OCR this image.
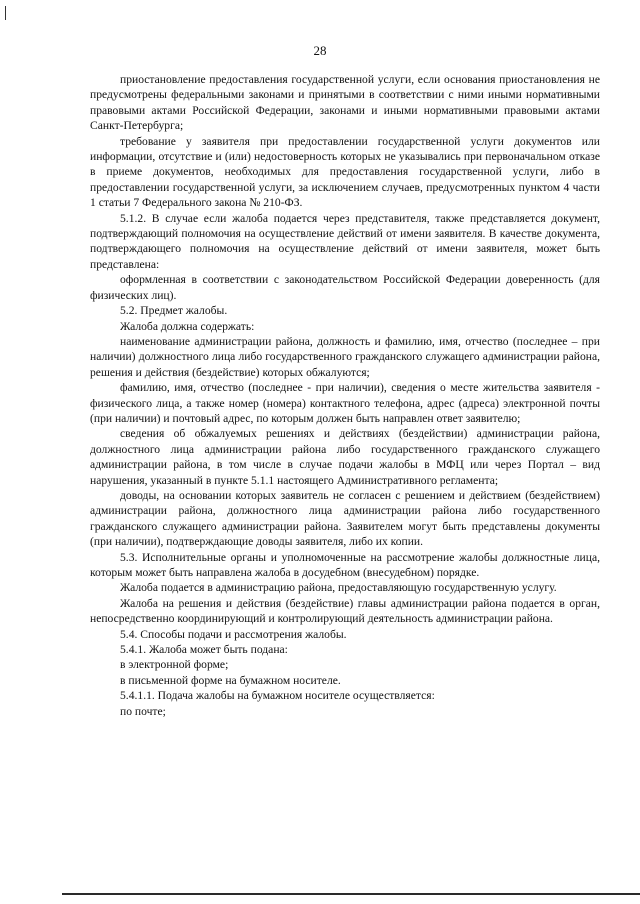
28

приостановление предоставления государственной услуги, если основания приостановления не предусмотрены федеральными законами и принятыми в соответствии с ними иными нормативными правовыми актами Российской Федерации, законами и иными нормативными правовыми актами Санкт-Петербурга;

требование у заявителя при предоставлении государственной услуги документов или информации, отсутствие и (или) недостоверность которых не указывались при первоначальном отказе в приеме документов, необходимых для предоставления государственной услуги, либо в предоставлении государственной услуги, за исключением случаев, предусмотренных пунктом 4 части 1 статьи 7 Федерального закона № 210-ФЗ.

5.1.2. В случае если жалоба подается через представителя, также представляется документ, подтверждающий полномочия на осуществление действий от имени заявителя. В качестве документа, подтверждающего полномочия на осуществление действий от имени заявителя, может быть представлена:

оформленная в соответствии с законодательством Российской Федерации доверенность (для физических лиц).

5.2. Предмет жалобы.

Жалоба должна содержать:

наименование администрации района, должность и фамилию, имя, отчество (последнее – при наличии) должностного лица либо государственного гражданского служащего администрации района, решения и действия (бездействие) которых обжалуются;

фамилию, имя, отчество (последнее - при наличии), сведения о месте жительства заявителя - физического лица, а также номер (номера) контактного телефона, адрес (адреса) электронной почты (при наличии) и почтовый адрес, по которым должен быть направлен ответ заявителю;

сведения об обжалуемых решениях и действиях (бездействии) администрации района, должностного лица администрации района либо государственного гражданского служащего администрации района, в том числе в случае подачи жалобы в МФЦ или через Портал – вид нарушения, указанный в пункте 5.1.1 настоящего Административного регламента;

доводы, на основании которых заявитель не согласен с решением и действием (бездействием) администрации района, должностного лица администрации района либо государственного гражданского служащего администрации района. Заявителем могут быть представлены документы (при наличии), подтверждающие доводы заявителя, либо их копии.

5.3. Исполнительные органы и уполномоченные на рассмотрение жалобы должностные лица, которым может быть направлена жалоба в досудебном (внесудебном) порядке.

Жалоба подается в администрацию района, предоставляющую государственную услугу.

Жалоба на решения и действия (бездействие) главы администрации района подается в орган, непосредственно координирующий и контролирующий деятельность администрации района.

5.4. Способы подачи и рассмотрения жалобы.

5.4.1. Жалоба может быть подана:

в электронной форме;

в письменной форме на бумажном носителе.

5.4.1.1. Подача жалобы на бумажном носителе осуществляется:

по почте;
